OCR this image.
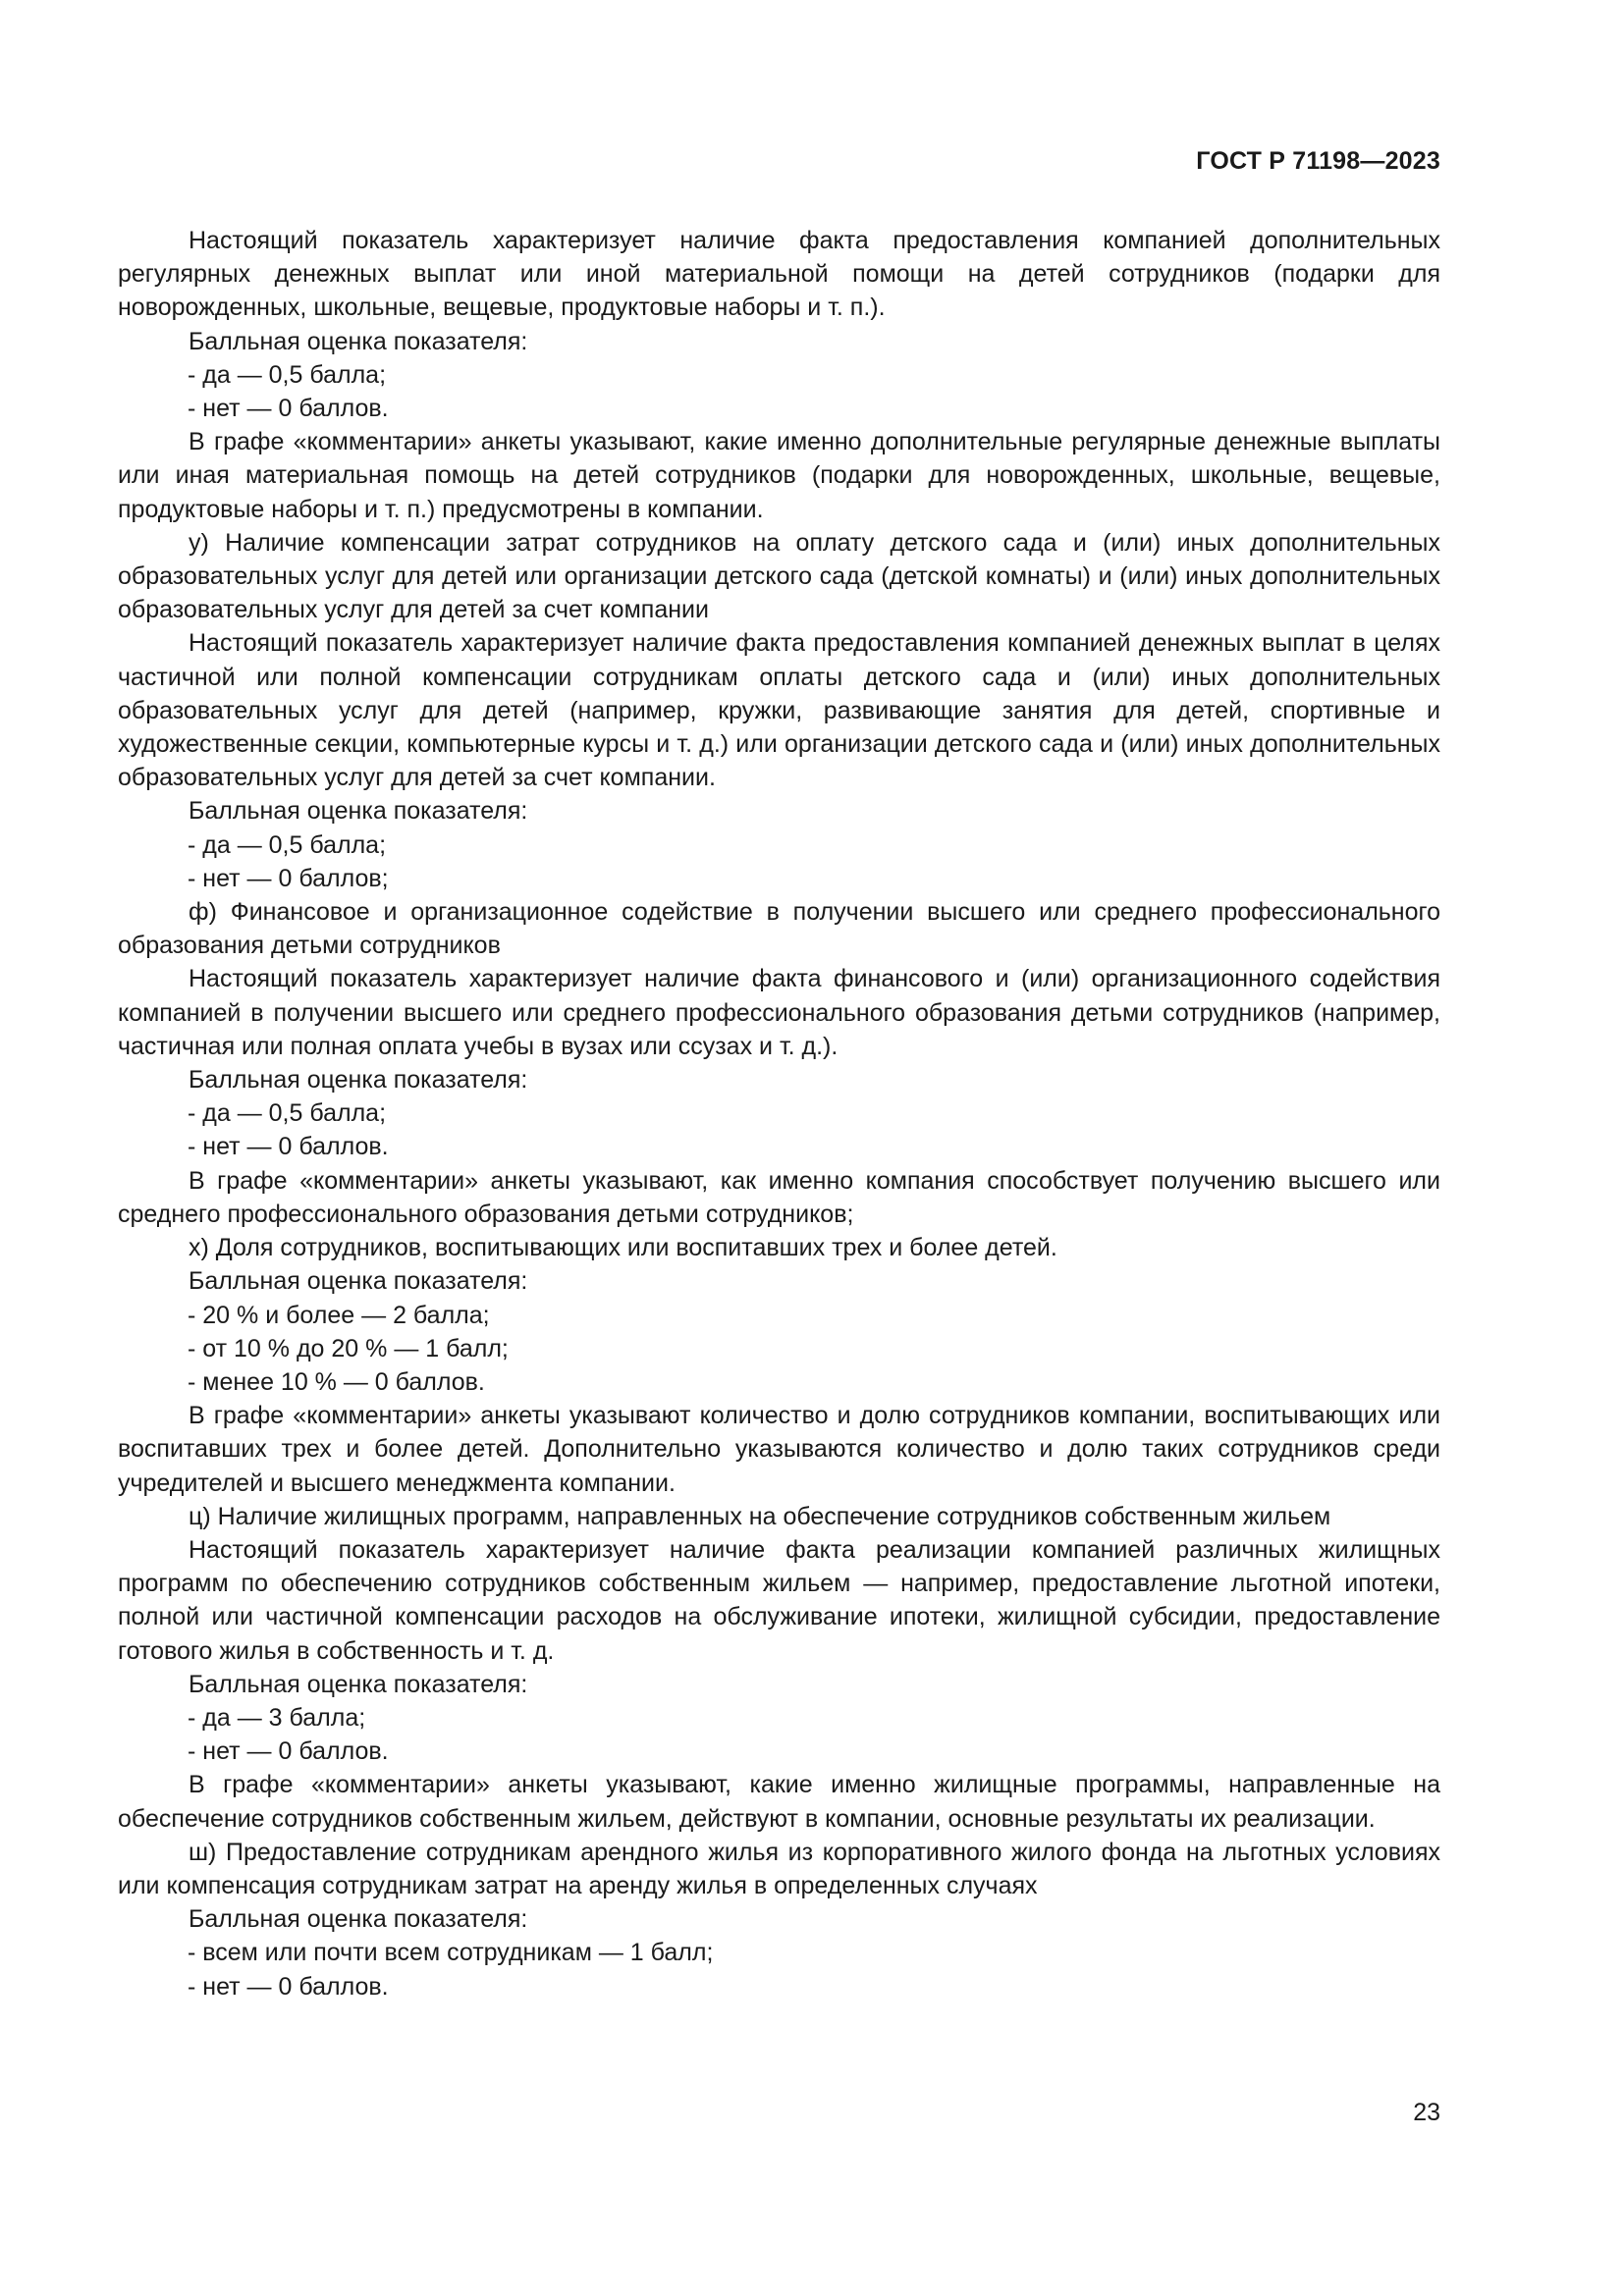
ГОСТ Р 71198—2023

Настоящий показатель характеризует наличие факта предоставления компанией дополнительных регулярных денежных выплат или иной материальной помощи на детей сотрудников (подарки для новорожденных, школьные, вещевые, продуктовые наборы и т. п.).

Балльная оценка показателя:

- да — 0,5 балла;

- нет — 0 баллов.

В графе «комментарии» анкеты указывают, какие именно дополнительные регулярные денежные выплаты или иная материальная помощь на детей сотрудников (подарки для новорожденных, школьные, вещевые, продуктовые наборы и т. п.) предусмотрены в компании.

у) Наличие компенсации затрат сотрудников на оплату детского сада и (или) иных дополнительных образовательных услуг для детей или организации детского сада (детской комнаты) и (или) иных дополнительных образовательных услуг для детей за счет компании

Настоящий показатель характеризует наличие факта предоставления компанией денежных выплат в целях частичной или полной компенсации сотрудникам оплаты детского сада и (или) иных дополнительных образовательных услуг для детей (например, кружки, развивающие занятия для детей, спортивные и художественные секции, компьютерные курсы и т. д.) или организации детского сада и (или) иных дополнительных образовательных услуг для детей за счет компании.

Балльная оценка показателя:

- да — 0,5 балла;

- нет — 0 баллов;

ф) Финансовое и организационное содействие в получении высшего или среднего профессионального образования детьми сотрудников

Настоящий показатель характеризует наличие факта финансового и (или) организационного содействия компанией в получении высшего или среднего профессионального образования детьми сотрудников (например, частичная или полная оплата учебы в вузах или ссузах и т. д.).

Балльная оценка показателя:

- да — 0,5 балла;

- нет — 0 баллов.

В графе «комментарии» анкеты указывают, как именно компания способствует получению высшего или среднего профессионального образования детьми сотрудников;

х) Доля сотрудников, воспитывающих или воспитавших трех и более детей.

Балльная оценка показателя:

- 20 % и более — 2 балла;

- от 10 % до 20 % — 1 балл;

- менее 10 % — 0 баллов.

В графе «комментарии» анкеты указывают количество и долю сотрудников компании, воспитывающих или воспитавших трех и более детей. Дополнительно указываются количество и долю таких сотрудников среди учредителей и высшего менеджмента компании.

ц) Наличие жилищных программ, направленных на обеспечение сотрудников собственным жильем

Настоящий показатель характеризует наличие факта реализации компанией различных жилищных программ по обеспечению сотрудников собственным жильем — например, предоставление льготной ипотеки, полной или частичной компенсации расходов на обслуживание ипотеки, жилищной субсидии, предоставление готового жилья в собственность и т. д.

Балльная оценка показателя:

- да — 3 балла;

- нет — 0 баллов.

В графе «комментарии» анкеты указывают, какие именно жилищные программы, направленные на обеспечение сотрудников собственным жильем, действуют в компании, основные результаты их реализации.

ш) Предоставление сотрудникам арендного жилья из корпоративного жилого фонда на льготных условиях или компенсация сотрудникам затрат на аренду жилья в определенных случаях

Балльная оценка показателя:

- всем или почти всем сотрудникам — 1 балл;

- нет — 0 баллов.

23
